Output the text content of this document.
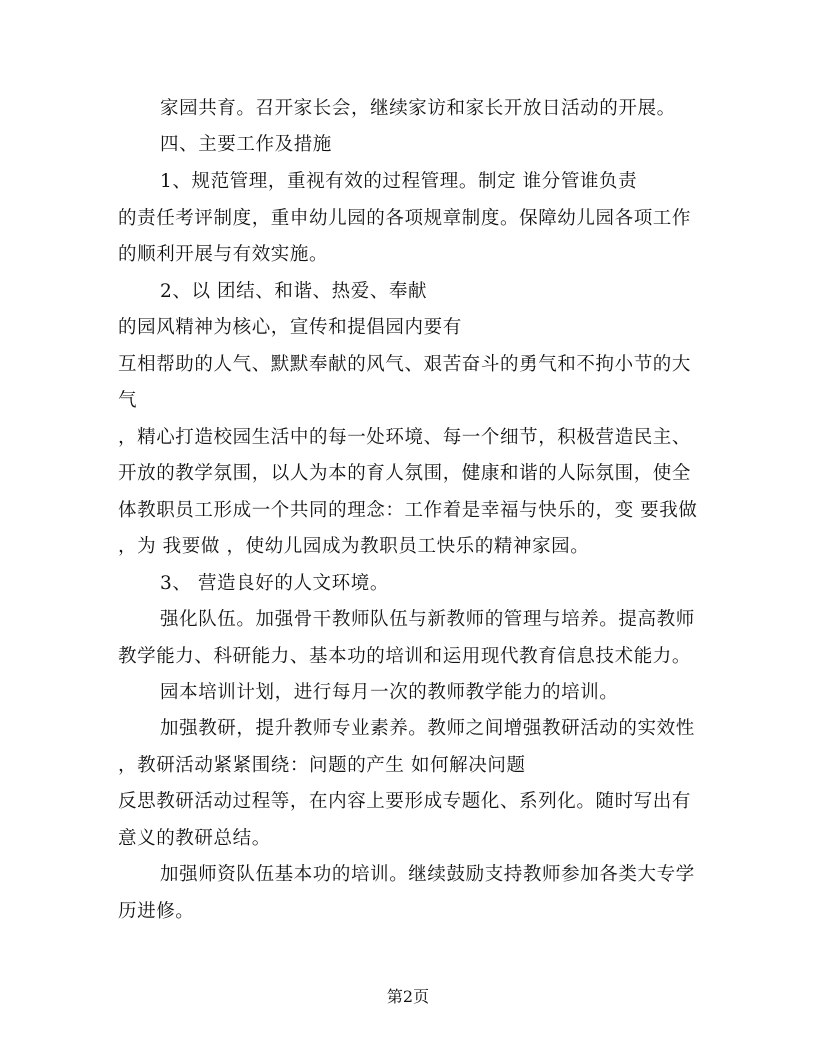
家园共育。召开家长会，继续家访和家长开放日活动的开展。
四、主要工作及措施
1、规范管理，重视有效的过程管理。制定 谁分管谁负责
的责任考评制度，重申幼儿园的各项规章制度。保障幼儿园各项工作
的顺利开展与有效实施。
2、以 团结、和谐、热爱、奉献
的园风精神为核心，宣传和提倡园内要有
互相帮助的人气、默默奉献的风气、艰苦奋斗的勇气和不拘小节的大
气
，精心打造校园生活中的每一处环境、每一个细节，积极营造民主、
开放的教学氛围，以人为本的育人氛围，健康和谐的人际氛围，使全
体教职员工形成一个共同的理念：工作着是幸福与快乐的，变 要我做
，为 我要做 ，使幼儿园成为教职员工快乐的精神家园。
3、 营造良好的人文环境。
强化队伍。加强骨干教师队伍与新教师的管理与培养。提高教师
教学能力、科研能力、基本功的培训和运用现代教育信息技术能力。
园本培训计划，进行每月一次的教师教学能力的培训。
加强教研，提升教师专业素养。教师之间增强教研活动的实效性
，教研活动紧紧围绕：问题的产生 如何解决问题
反思教研活动过程等，在内容上要形成专题化、系列化。随时写出有
意义的教研总结。
加强师资队伍基本功的培训。继续鼓励支持教师参加各类大专学
历进修。
第2页
